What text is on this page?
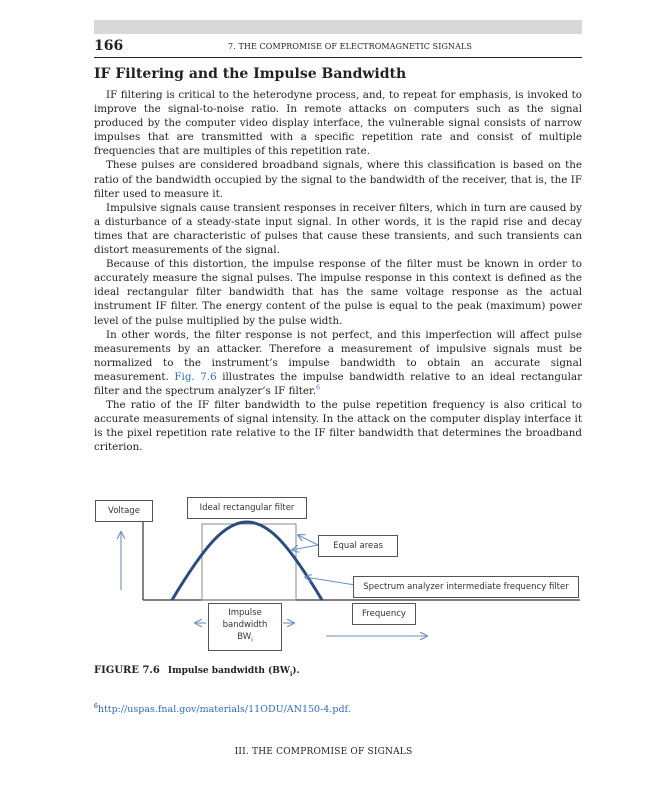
166	7. THE COMPROMISE OF ELECTROMAGNETIC SIGNALS
IF Filtering and the Impulse Bandwidth

IF filtering is critical to the heterodyne process, and, to repeat for emphasis, is invoked to improve the signal-to-noise ratio. In remote attacks on computers such as the signal produced by the computer video display interface, the vulnerable signal consists of narrow impulses that are transmitted with a specific repetition rate and consist of multiple frequencies that are multiples of this repetition rate.

These pulses are considered broadband signals, where this classification is based on the ratio of the bandwidth occupied by the signal to the bandwidth of the receiver, that is, the IF filter used to measure it.

Impulsive signals cause transient responses in receiver filters, which in turn are caused by a disturbance of a steady-state input signal. In other words, it is the rapid rise and decay times that are characteristic of pulses that cause these transients, and such transients can distort measurements of the signal.

Because of this distortion, the impulse response of the filter must be known in order to accurately measure the signal pulses. The impulse response in this context is defined as the ideal rectangular filter bandwidth that has the same voltage response as the actual instrument IF filter. The energy content of the pulse is equal to the peak (maximum) power level of the pulse multiplied by the pulse width.

In other words, the filter response is not perfect, and this imperfection will affect pulse measurements by an attacker. Therefore a measurement of impulsive signals must be normalized to the instrument’s impulse bandwidth to obtain an accurate signal measurement. Fig. 7.6 illustrates the impulse bandwidth relative to an ideal rectangular filter and the spectrum analyzer’s IF filter.$^6$

The ratio of the IF filter bandwidth to the pulse repetition frequency is also critical to accurate measurements of signal intensity. In the attack on the computer display interface it is the pixel repetition rate relative to the IF filter bandwidth that determines the broadband criterion.

Voltage	Ideal rectangular filter
Equal areas
Spectrum analyzer intermediate frequency filter
Frequency
Impulse
bandwidth
$BW_i$
FIGURE 7.6 Impulse bandwidth $(BW_i)$.
$^6$http://uspas.fnal.gov/materials/11ODU/AN150-4.pdf.
III. THE COMPROMISE OF SIGNALS
